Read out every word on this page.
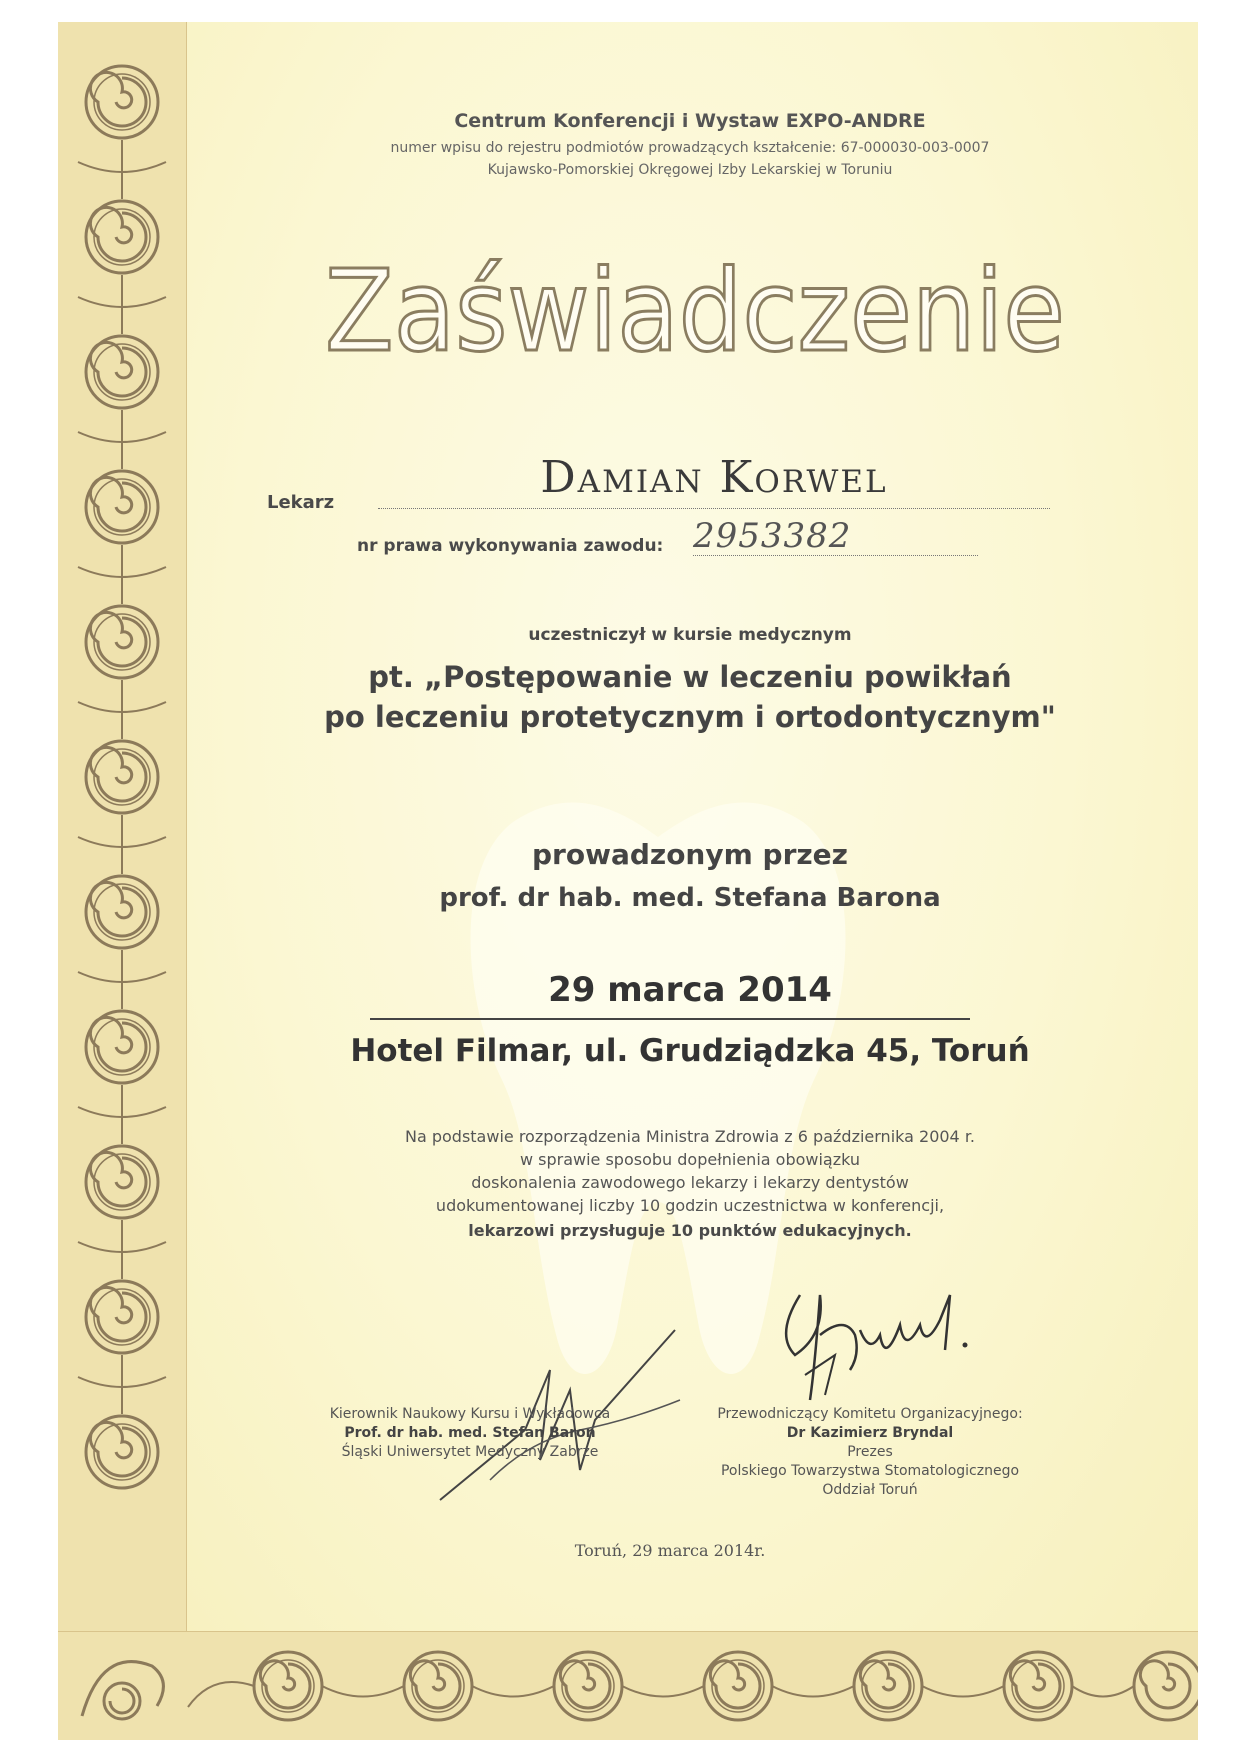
Centrum Konferencji i Wystaw EXPO-ANDRE
numer wpisu do rejestru podmiotów prowadzących kształcenie: 67-000030-003-0007
Kujawsko-Pomorskiej Okręgowej Izby Lekarskiej w Toruniu
Zaświadczenie
Lekarz	Damian Korwel
nr prawa wykonywania zawodu: 2953382
uczestniczył w kursie medycznym
pt. „Postępowanie w leczeniu powikłań
po leczeniu protetycznym i ortodontycznym"
prowadzonym przez
prof. dr hab. med. Stefana Barona
29 marca 2014
Hotel Filmar, ul. Grudziądzka 45, Toruń
Na podstawie rozporządzenia Ministra Zdrowia z 6 października 2004 r.
w sprawie sposobu dopełnienia obowiązku
doskonalenia zawodowego lekarzy i lekarzy dentystów
udokumentowanej liczby 10 godzin uczestnictwa w konferencji,
lekarzowi przysługuje 10 punktów edukacyjnych.
Kierownik Naukowy Kursu i Wykładowca
Prof. dr hab. med. Stefan Baron
Śląski Uniwersytet Medyczny Zabrze
Przewodniczący Komitetu Organizacyjnego:
Dr Kazimierz Bryndal
Prezes
Polskiego Towarzystwa Stomatologicznego
Oddział Toruń
Toruń, 29 marca 2014r.
